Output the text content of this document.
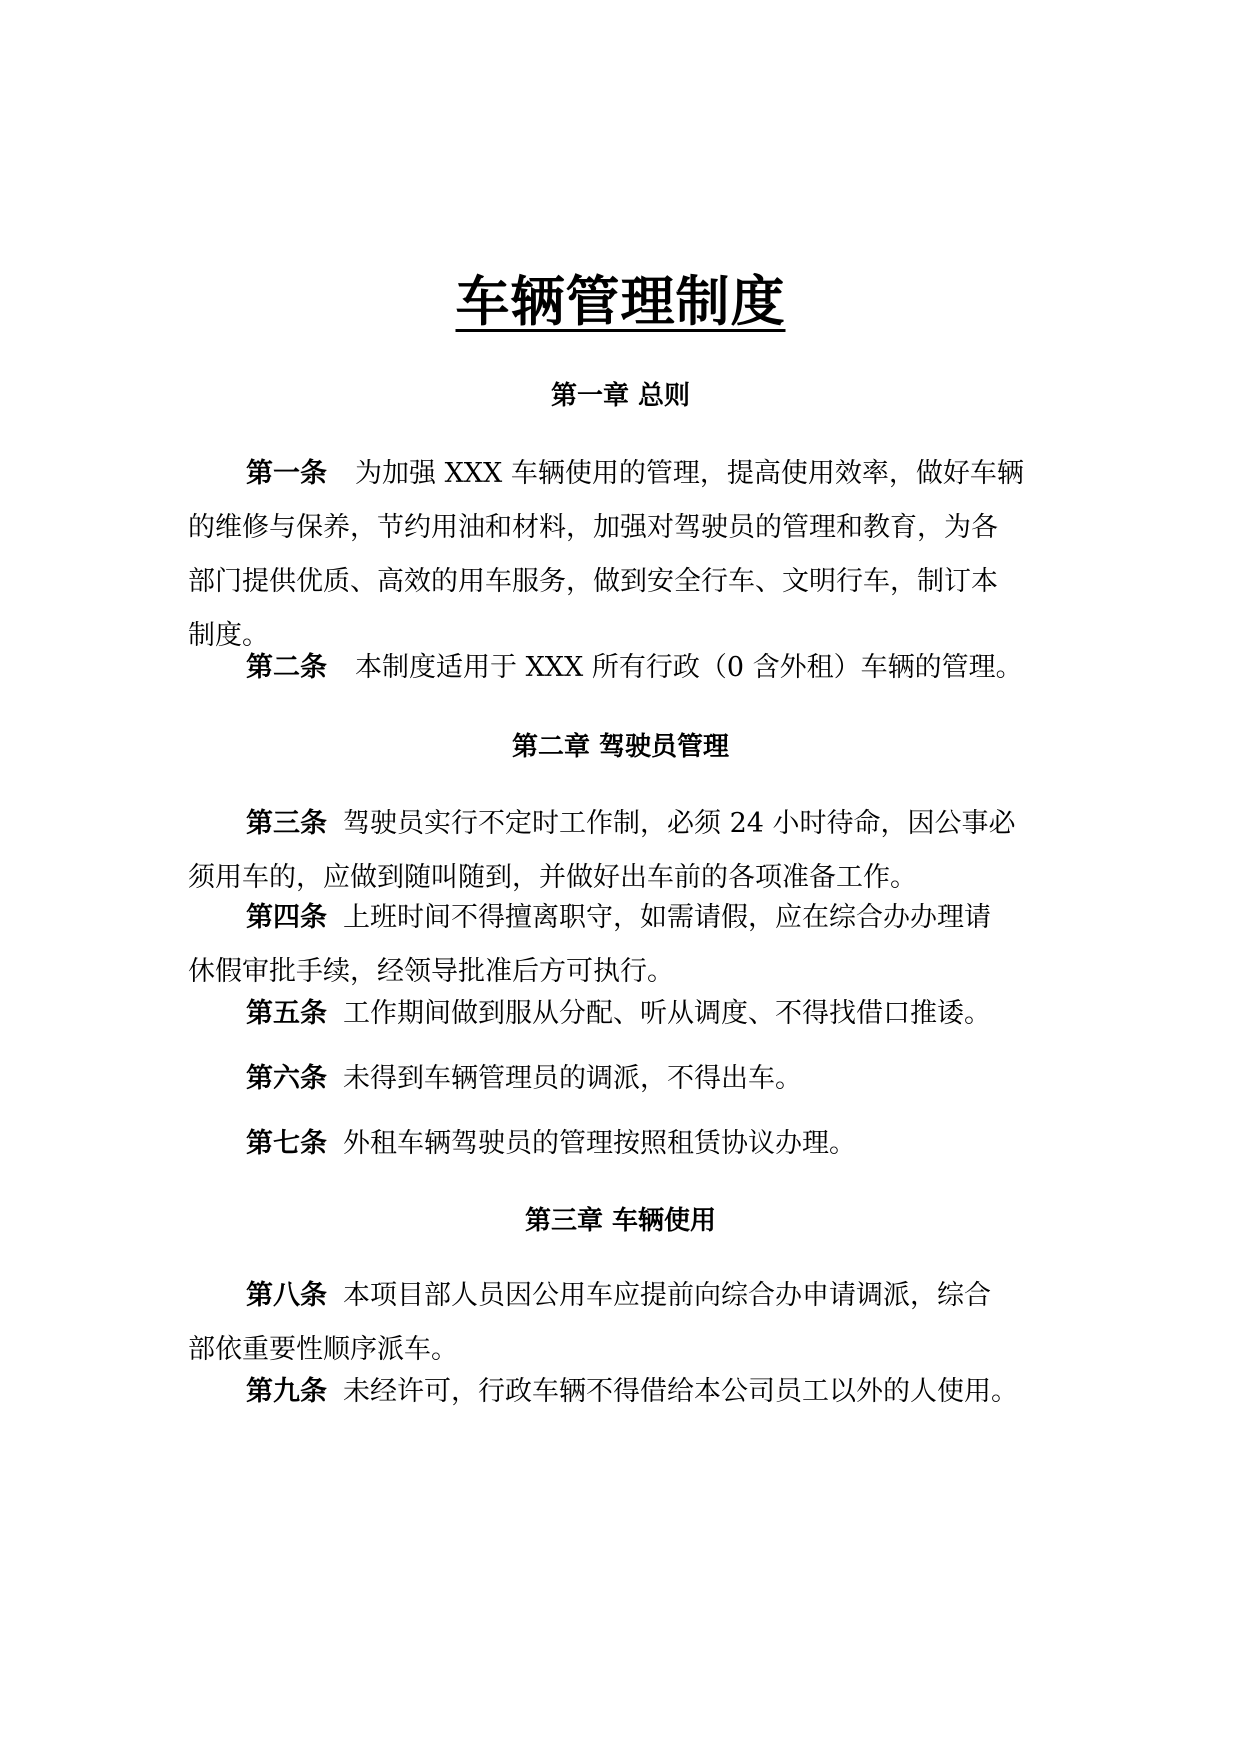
车辆管理制度
第一章 总则
第一条 为加强 XXX 车辆使用的管理，提高使用效率，做好车辆
的维修与保养，节约用油和材料，加强对驾驶员的管理和教育，为各
部门提供优质、高效的用车服务，做到安全行车、文明行车，制订本
制度。
第二条 本制度适用于 XXX 所有行政（0 含外租）车辆的管理。
第二章 驾驶员管理
第三条 驾驶员实行不定时工作制，必须 24 小时待命，因公事必
须用车的，应做到随叫随到，并做好出车前的各项准备工作。
第四条 上班时间不得擅离职守，如需请假，应在综合办办理请
休假审批手续，经领导批准后方可执行。
第五条 工作期间做到服从分配、听从调度、不得找借口推诿。
第六条 未得到车辆管理员的调派，不得出车。
第七条 外租车辆驾驶员的管理按照租赁协议办理。
第三章 车辆使用
第八条 本项目部人员因公用车应提前向综合办申请调派，综合
部依重要性顺序派车。
第九条 未经许可，行政车辆不得借给本公司员工以外的人使用。
